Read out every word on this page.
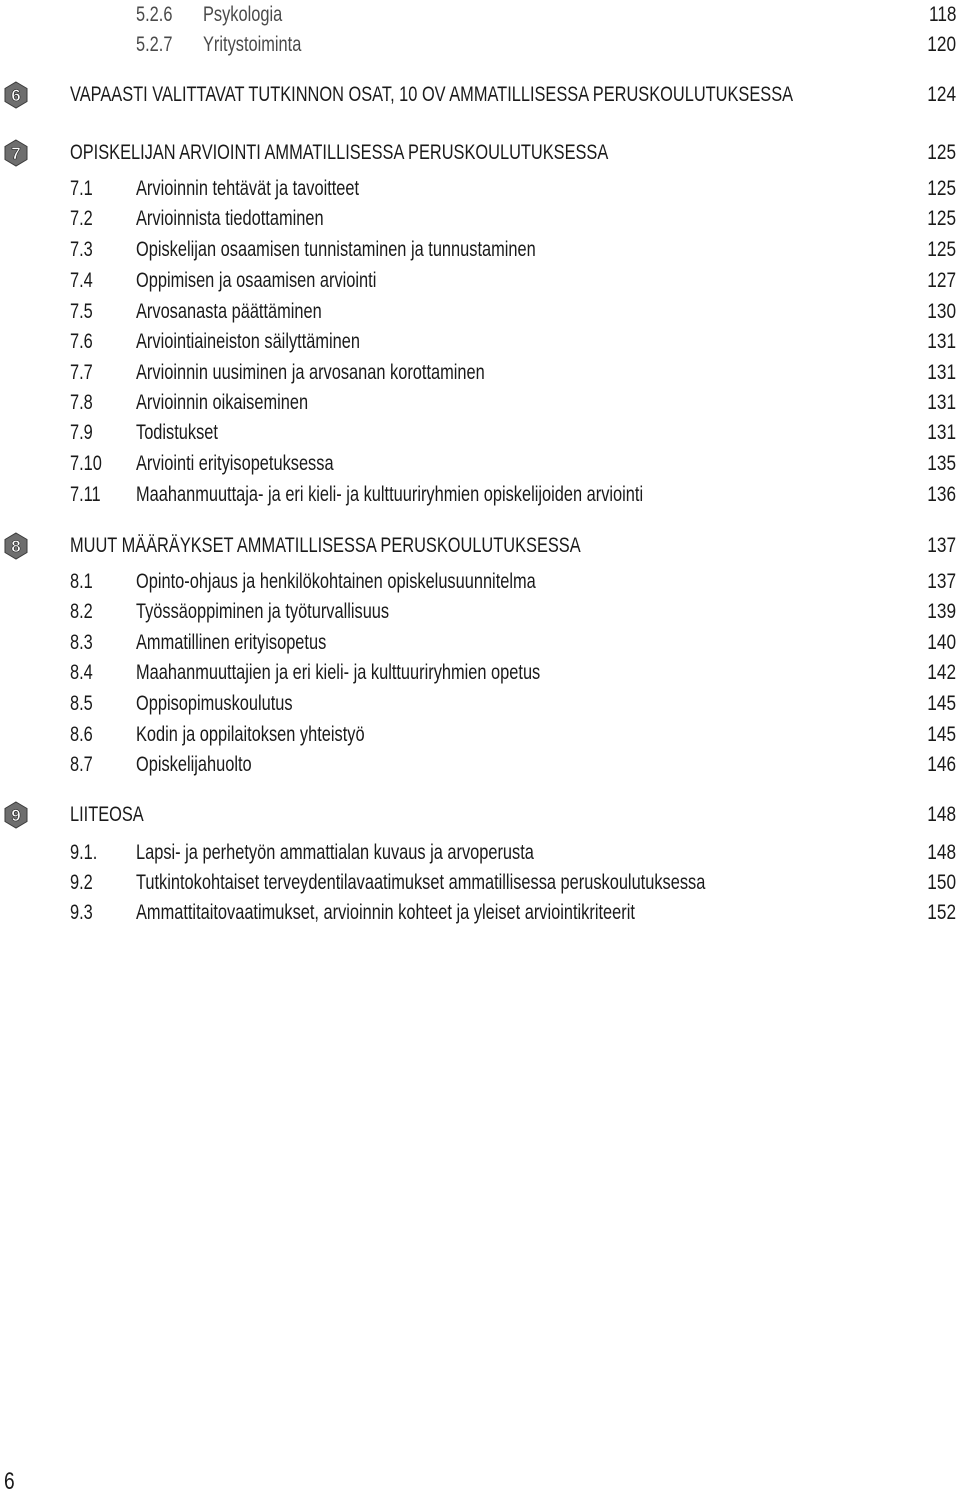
5.2.6 Psykologia	118
5.2.7 Yritystoiminta	120
6 VAPAASTI VALITTAVAT TUTKINNON OSAT, 10 OV AMMATILLISESSA PERUSKOULUTUKSESSA	124
7 OPISKELIJAN ARVIOINTI AMMATILLISESSA PERUSKOULUTUKSESSA	125
7.1 Arvioinnin tehtävät ja tavoitteet	125
7.2 Arvioinnista tiedottaminen	125
7.3 Opiskelijan osaamisen tunnistaminen ja tunnustaminen	125
7.4 Oppimisen ja osaamisen arviointi	127
7.5 Arvosanasta päättäminen	130
7.6 Arviointiaineiston säilyttäminen	131
7.7 Arvioinnin uusiminen ja arvosanan korottaminen	131
7.8 Arvioinnin oikaiseminen	131
7.9 Todistukset	131
7.10 Arviointi erityisopetuksessa	135
7.11 Maahanmuuttaja- ja eri kieli- ja kulttuuriryhmien opiskelijoiden arviointi	136
8 MUUT MÄÄRÄYKSET AMMATILLISESSA PERUSKOULUTUKSESSA	137
8.1 Opinto-ohjaus ja henkilökohtainen opiskelusuunnitelma	137
8.2 Työssäoppiminen ja työturvallisuus	139
8.3 Ammatillinen erityisopetus	140
8.4 Maahanmuuttajien ja eri kieli- ja kulttuuriryhmien opetus	142
8.5 Oppisopimuskoulutus	145
8.6 Kodin ja oppilaitoksen yhteistyö	145
8.7 Opiskelijahuolto	146
9 LIITEOSA	148
9.1. Lapsi- ja perhetyön ammattialan kuvaus ja arvoperusta	148
9.2 Tutkintokohtaiset terveydentilavaatimukset ammatillisessa peruskoulutuksessa	150
9.3 Ammattitaitovaatimukset, arvioinnin kohteet ja yleiset arviointikriteerit	152
6
